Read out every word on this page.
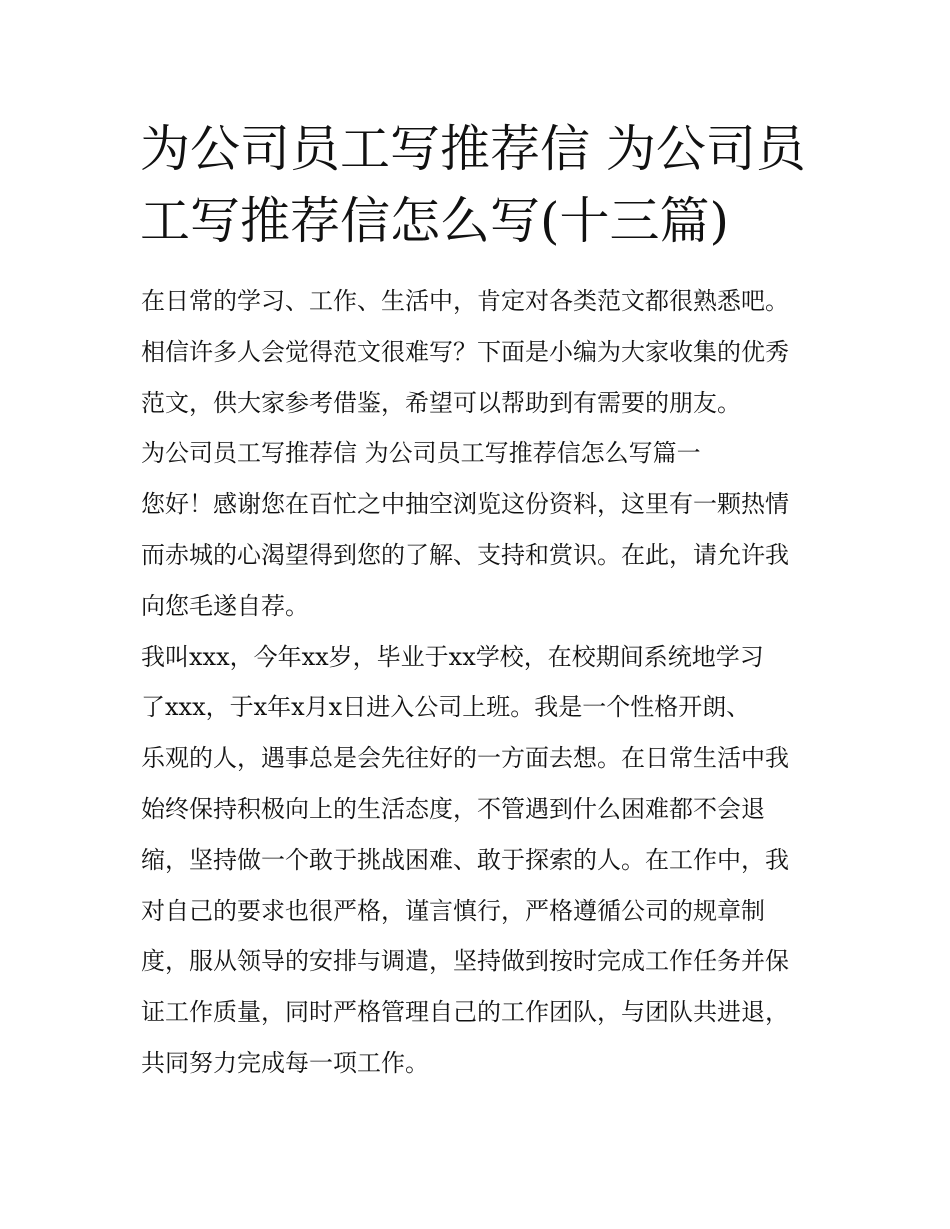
为公司员工写推荐信 为公司员
工写推荐信怎么写(十三篇)
在日常的学习、工作、生活中，肯定对各类范文都很熟悉吧。
相信许多人会觉得范文很难写？下面是小编为大家收集的优秀
范文，供大家参考借鉴，希望可以帮助到有需要的朋友。
为公司员工写推荐信 为公司员工写推荐信怎么写篇一
您好！感谢您在百忙之中抽空浏览这份资料，这里有一颗热情
而赤城的心渴望得到您的了解、支持和赏识。在此，请允许我
向您毛遂自荐。
我叫xxx，今年xx岁，毕业于xx学校，在校期间系统地学习
了xxx，于x年x月x日进入公司上班。我是一个性格开朗、
乐观的人，遇事总是会先往好的一方面去想。在日常生活中我
始终保持积极向上的生活态度，不管遇到什么困难都不会退
缩，坚持做一个敢于挑战困难、敢于探索的人。在工作中，我
对自己的要求也很严格，谨言慎行，严格遵循公司的规章制
度，服从领导的安排与调遣，坚持做到按时完成工作任务并保
证工作质量，同时严格管理自己的工作团队，与团队共进退，
共同努力完成每一项工作。
